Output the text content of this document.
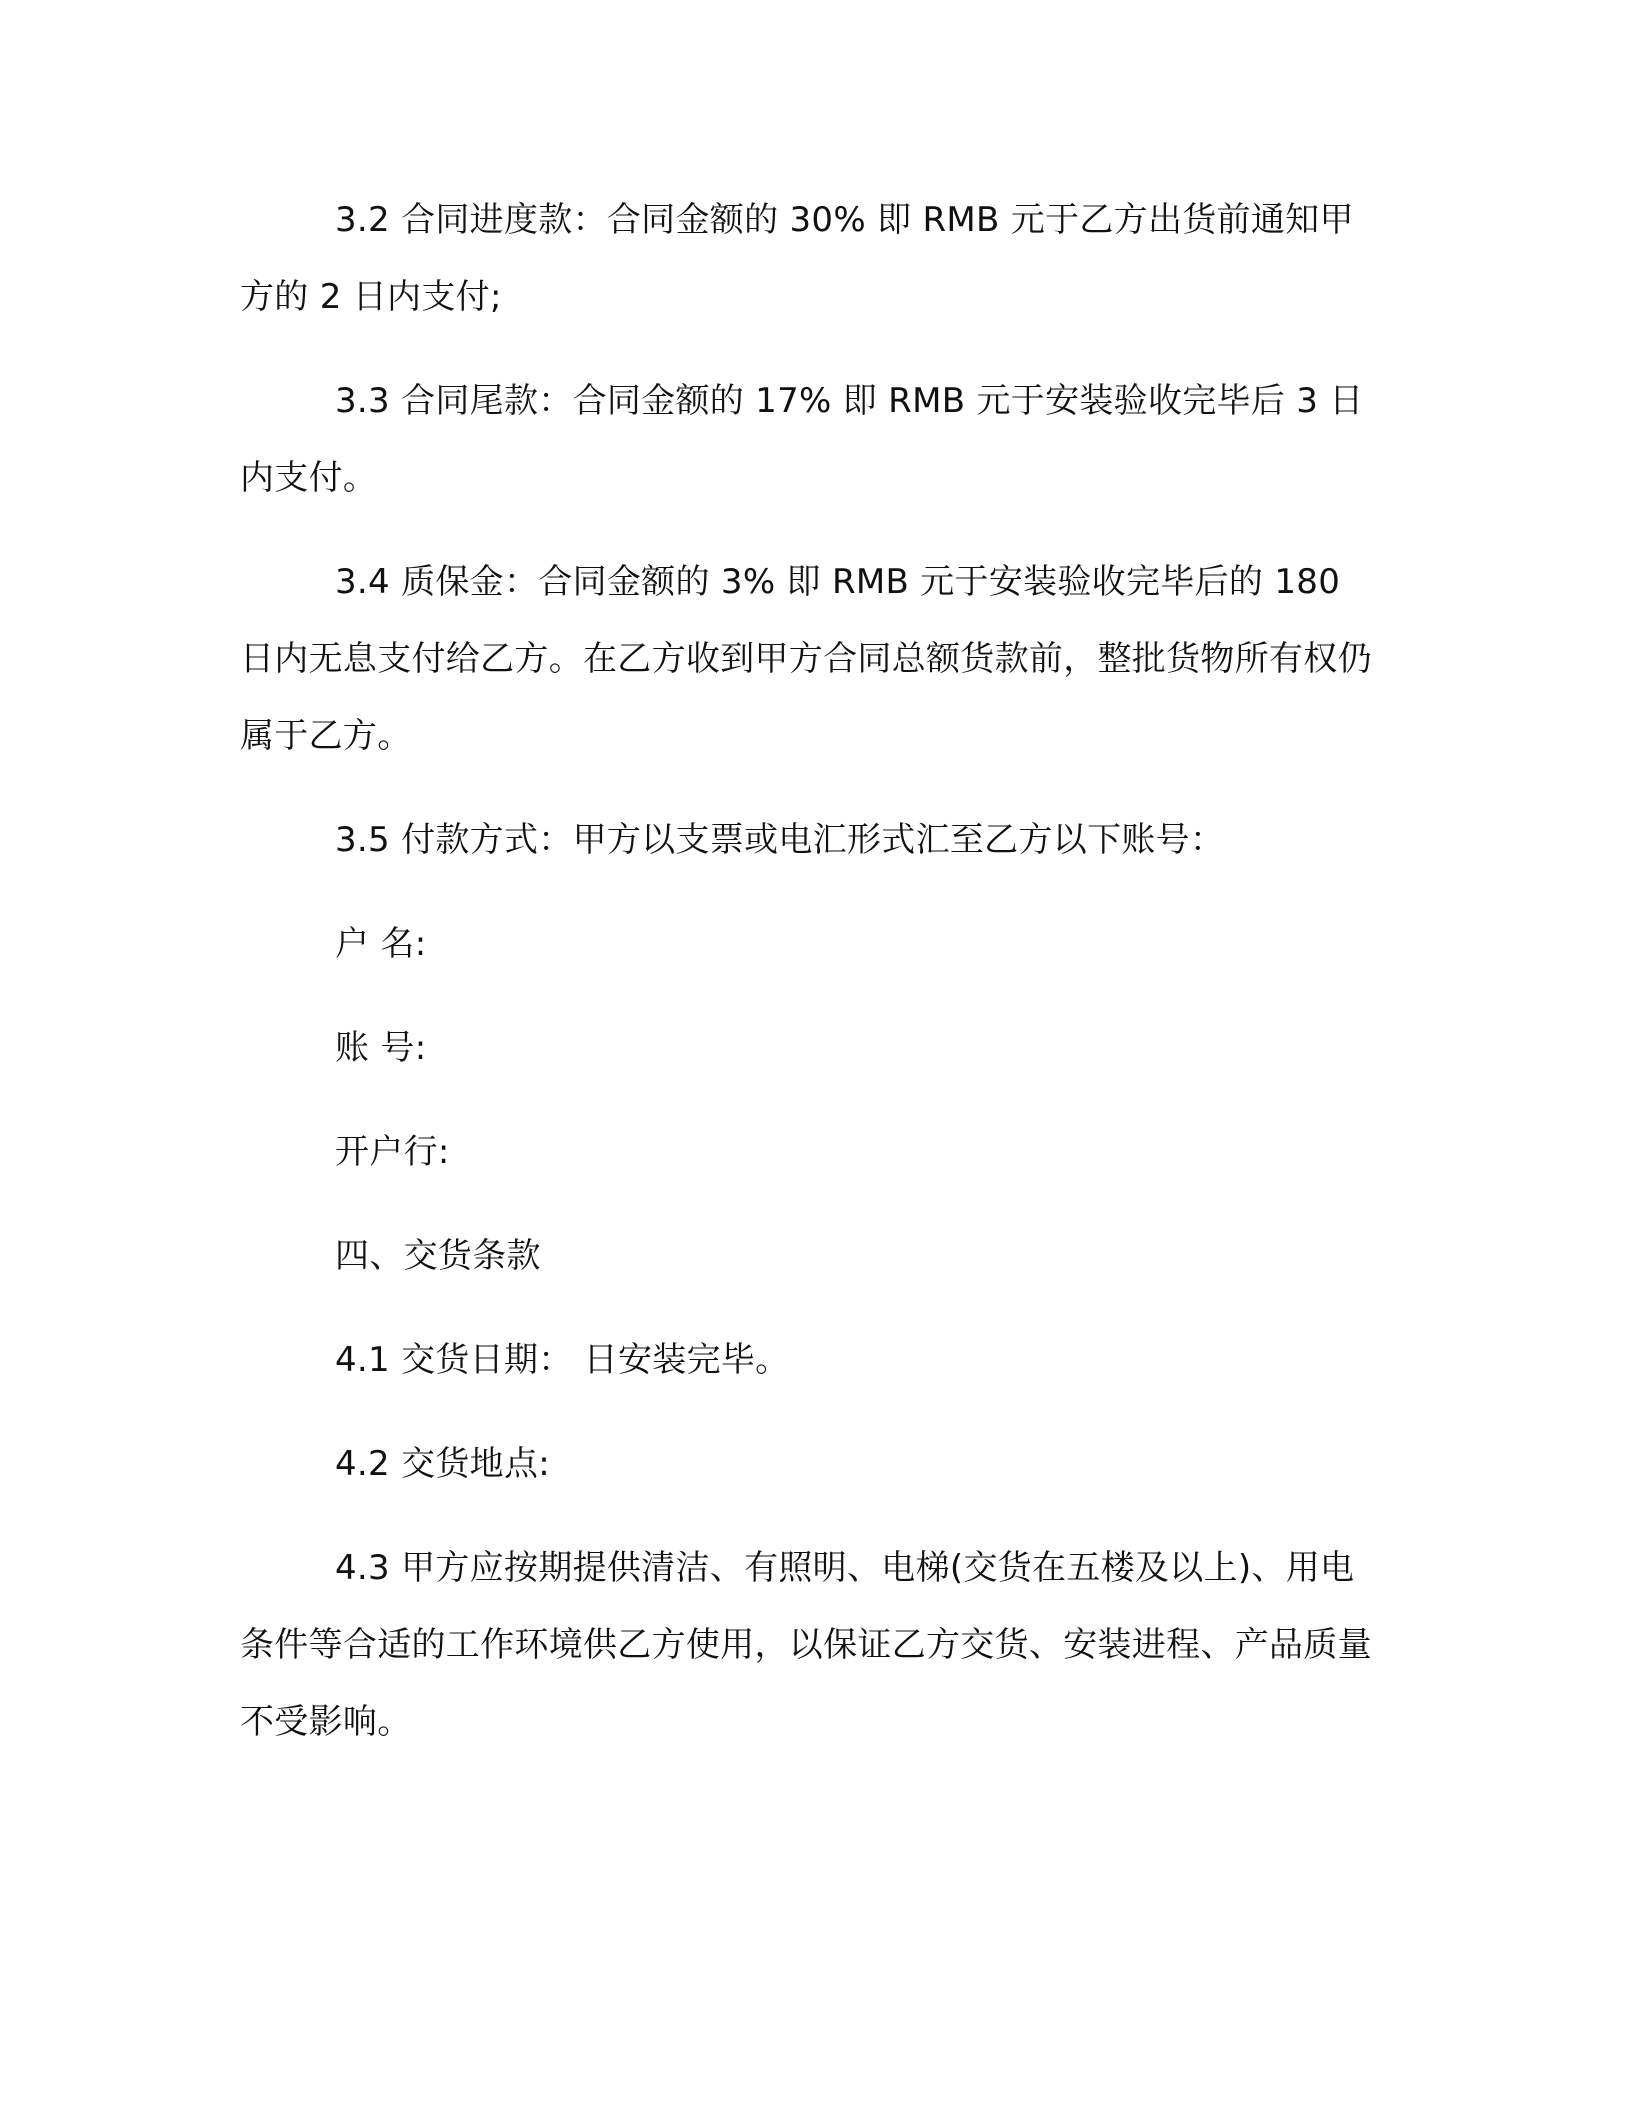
3.2 合同进度款：合同金额的 30% 即 RMB 元于乙方出货前通知甲方的 2 日内支付;

3.3 合同尾款：合同金额的 17% 即 RMB 元于安装验收完毕后 3 日内支付。

3.4 质保金：合同金额的 3% 即 RMB 元于安装验收完毕后的 180 日内无息支付给乙方。在乙方收到甲方合同总额货款前，整批货物所有权仍属于乙方。

3.5 付款方式：甲方以支票或电汇形式汇至乙方以下账号：

户 名:

账 号:

开户行:

四、交货条款

4.1 交货日期： 日安装完毕。

4.2 交货地点:

4.3 甲方应按期提供清洁、有照明、电梯(交货在五楼及以上)、用电条件等合适的工作环境供乙方使用，以保证乙方交货、安装进程、产品质量不受影响。
